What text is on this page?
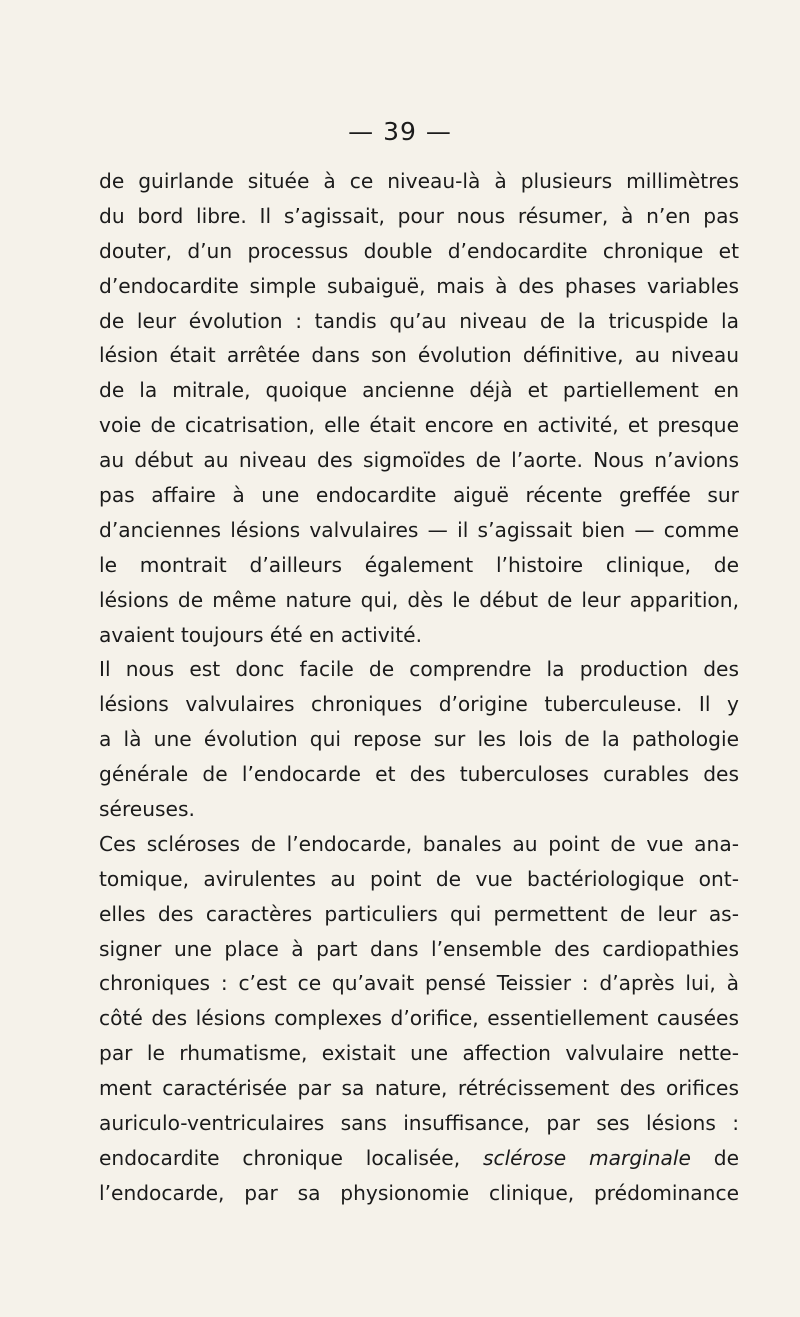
— 39 —
de guirlande située à ce niveau-là à plusieurs millimètres
du bord libre. Il s’agissait, pour nous résumer, à n’en pas
douter, d’un processus double d’endocardite chronique et
d’endocardite simple subaiguë, mais à des phases variables
de leur évolution : tandis qu’au niveau de la tricuspide la
lésion était arrêtée dans son évolution définitive, au niveau
de la mitrale, quoique ancienne déjà et partiellement en
voie de cicatrisation, elle était encore en activité, et presque
au début au niveau des sigmoïdes de l’aorte. Nous n’avions
pas affaire à une endocardite aiguë récente greffée sur
d’anciennes lésions valvulaires — il s’agissait bien — comme
le montrait d’ailleurs également l’histoire clinique, de
lésions de même nature qui, dès le début de leur apparition,
avaient toujours été en activité.
Il nous est donc facile de comprendre la production des
lésions valvulaires chroniques d’origine tuberculeuse. Il y
a là une évolution qui repose sur les lois de la pathologie
générale de l’endocarde et des tuberculoses curables des
séreuses.
Ces scléroses de l’endocarde, banales au point de vue ana-
tomique, avirulentes au point de vue bactériologique ont-
elles des caractères particuliers qui permettent de leur as-
signer une place à part dans l’ensemble des cardiopathies
chroniques : c’est ce qu’avait pensé Teissier : d’après lui, à
côté des lésions complexes d’orifice, essentiellement causées
par le rhumatisme, existait une affection valvulaire nette-
ment caractérisée par sa nature, rétrécissement des orifices
auriculo-ventriculaires sans insuffisance, par ses lésions :
endocardite chronique localisée, sclérose marginale de
l’endocarde, par sa physionomie clinique, prédominance
